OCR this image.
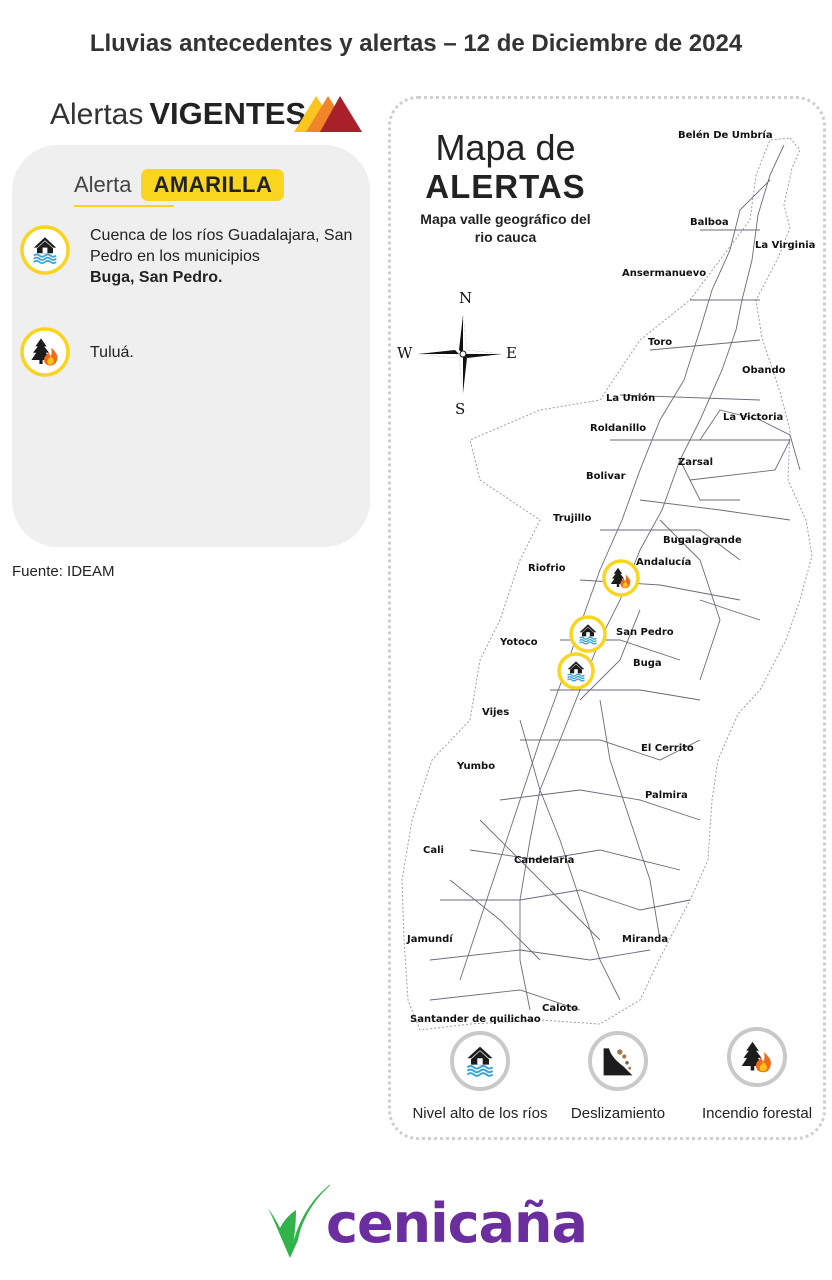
Lluvias antecedentes y alertas – 12 de Diciembre de 2024
Alertas VIGENTES
Alerta AMARILLA
Cuenca de los ríos Guadalajara, San Pedro en los municipios
Buga, San Pedro.
Tuluá.
Fuente: IDEAM
N
S
E
W
Mapa de
ALERTAS
Mapa valle geográfico del rio cauca
Belén De Umbría
Balboa
La Virginia
Ansermanuevo
Toro
Obando
La Unión
La Victoria
Roldanillo
Zarsal
Bolivar
Trujillo
Bugalagrande
Andalucía
Riofrio
San Pedro
Yotoco
Buga
Vijes
El Cerrito
Yumbo
Palmira
Cali
Candelaria
Jamundí	Miranda
Caloto
Santander de quilichao
Nivel alto de los ríos	Deslizamiento	Incendio forestal
cenicaña
